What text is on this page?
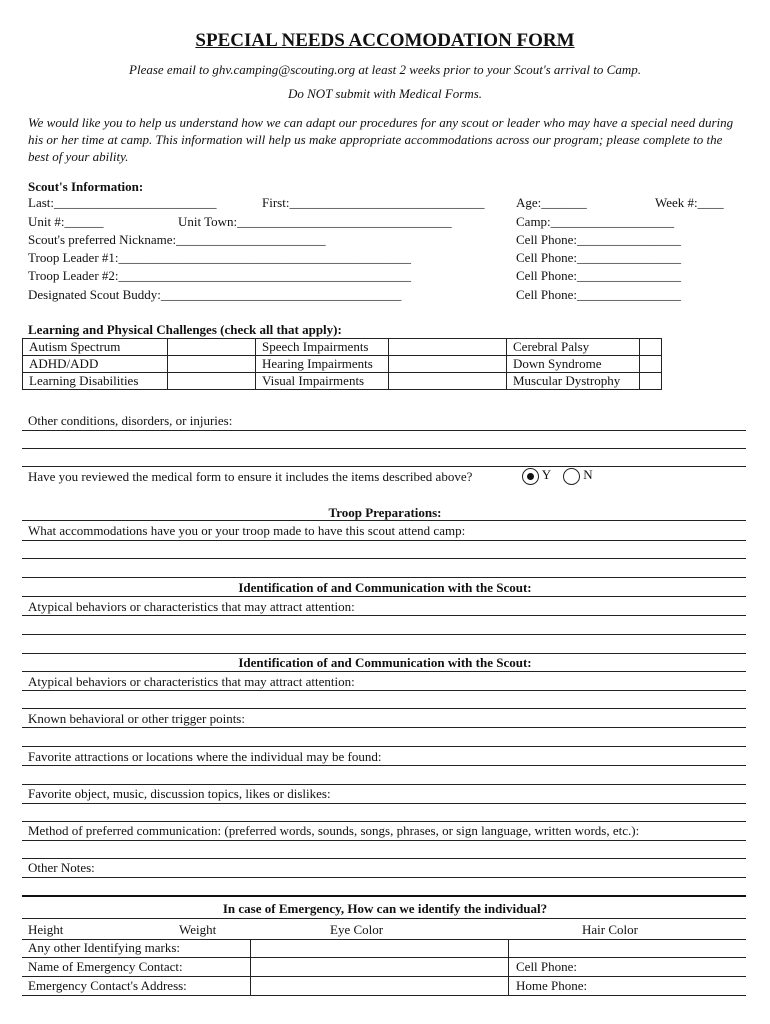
SPECIAL NEEDS ACCOMODATION FORM
Please email to ghv.camping@scouting.org at least 2 weeks prior to your Scout's arrival to Camp.
Do NOT submit with Medical Forms.
We would like you to help us understand how we can adapt our procedures for any scout or leader who may have a special need during his or her time at camp. This information will help us make appropriate accommodations across our program; please complete to the best of your ability.
Scout's Information:
Last:_________________________	First:______________________________ Age:_______	Week #:____
Unit #:______	Unit Town:_________________________________	Camp:___________________
Scout's preferred Nickname:_______________________	Cell Phone:________________
Troop Leader #1:_____________________________________________	Cell Phone:________________
Troop Leader #2:_____________________________________________	Cell Phone:________________
Designated Scout Buddy:_____________________________________	Cell Phone:________________
Learning and Physical Challenges (check all that apply):
Autism Spectrum		Speech Impairments		Cerebral Palsy	
ADHD/ADD		Hearing Impairments		Down Syndrome	
Learning Disabilities		Visual Impairments		Muscular Dystrophy	
Other conditions, disorders, or injuries:
Have you reviewed the medical form to ensure it includes the items described above?	Y	N
Troop Preparations:
What accommodations have you or your troop made to have this scout attend camp:
Identification of and Communication with the Scout:
Atypical behaviors or characteristics that may attract attention:
Identification of and Communication with the Scout:
Atypical behaviors or characteristics that may attract attention:
Known behavioral or other trigger points:
Favorite attractions or locations where the individual may be found:
Favorite object, music, discussion topics, likes or dislikes:
Method of preferred communication: (preferred words, sounds, songs, phrases, or sign language, written words, etc.):
Other Notes:
In case of Emergency, How can we identify the individual?
Height	Weight	Eye Color	Hair Color
Any other Identifying marks:
Name of Emergency Contact:	Cell Phone:
Emergency Contact's Address:	Home Phone:
